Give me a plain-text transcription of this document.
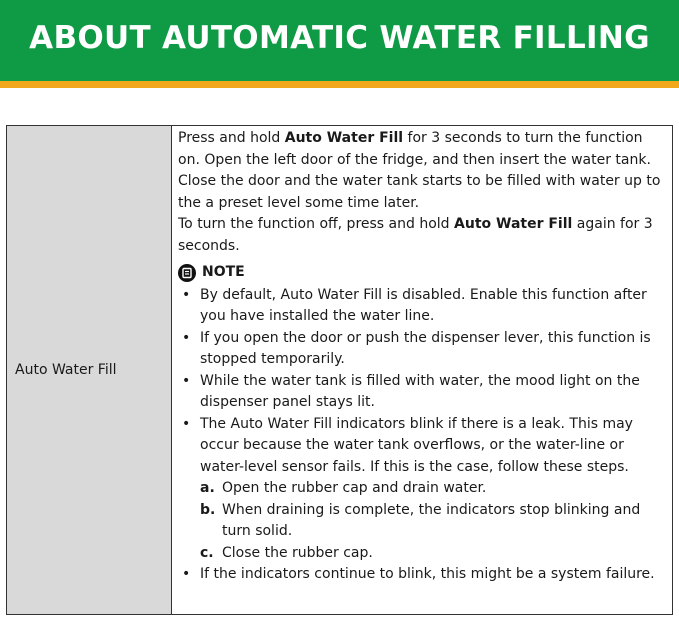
ABOUT AUTOMATIC WATER FILLING
Auto Water Fill

Press and hold Auto Water Fill for 3 seconds to turn the function on. Open the left door of the fridge, and then insert the water tank. Close the door and the water tank starts to be filled with water up to the a preset level some time later.

To turn the function off, press and hold Auto Water Fill again for 3 seconds.

NOTE
• By default, Auto Water Fill is disabled. Enable this function after you have installed the water line.
• If you open the door or push the dispenser lever, this function is stopped temporarily.
• While the water tank is filled with water, the mood light on the dispenser panel stays lit.
• The Auto Water Fill indicators blink if there is a leak. This may occur because the water tank overflows, or the water-line or water-level sensor fails. If this is the case, follow these steps.
a. Open the rubber cap and drain water.
b. When draining is complete, the indicators stop blinking and turn solid.
c. Close the rubber cap.
• If the indicators continue to blink, this might be a system failure.
